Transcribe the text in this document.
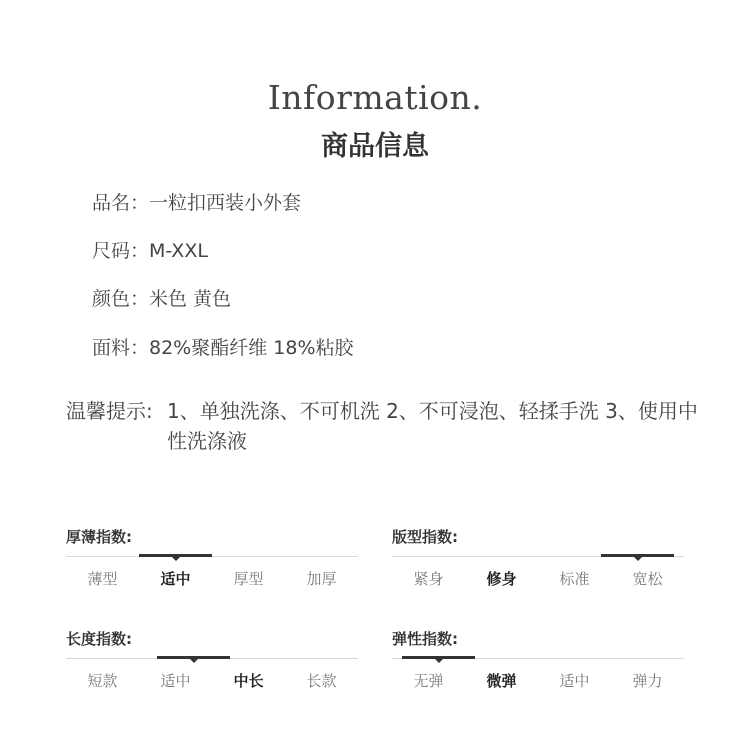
Information.
商品信息
品名：一粒扣西装小外套
尺码：M-XXL
颜色：米色 黄色
面料：82%聚酯纤维 18%粘胶
温馨提示: 1、单独洗涤、不可机洗 2、不可浸泡、轻揉手洗 3、使用中性洗涤液
厚薄指数:
薄型	适中	厚型	加厚
版型指数:
紧身	修身	标准	宽松
长度指数:
短款	适中	中长	长款
弹性指数:
无弹	微弹	适中	弹力
